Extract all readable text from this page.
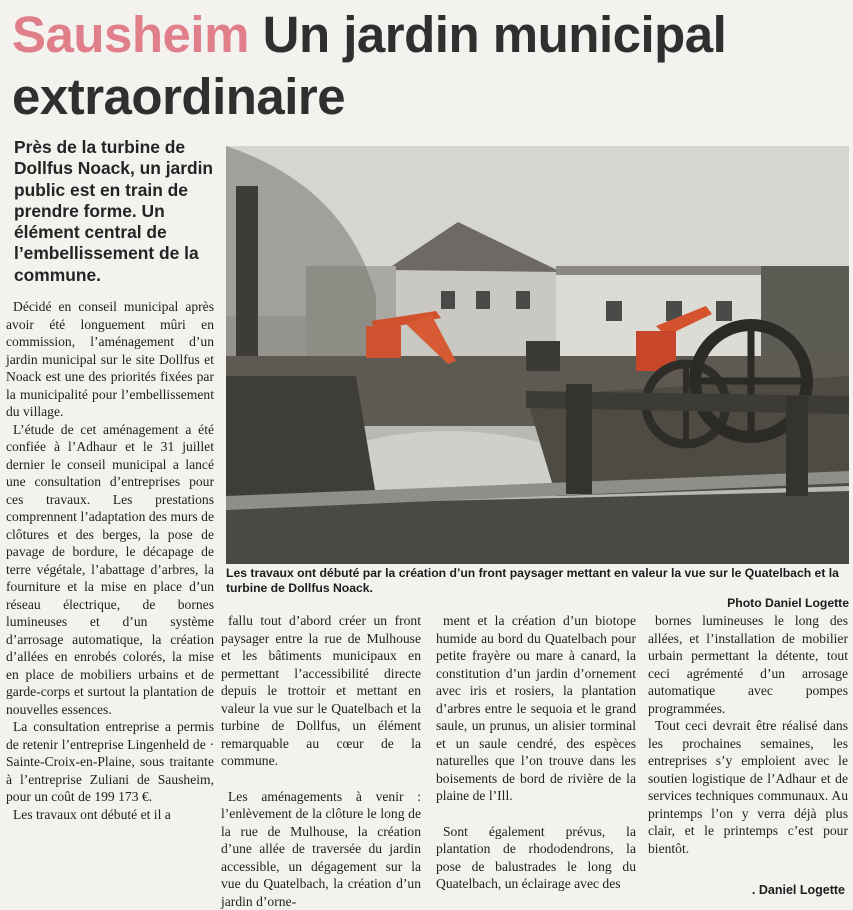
Sausheim Un jardin municipal extraordinaire
Près de la turbine de Dollfus Noack, un jardin public est en train de prendre forme. Un élément central de l’embellissement de la commune.

Décidé en conseil municipal après avoir été longuement mûri en commission, l’aménagement d’un jardin municipal sur le site Dollfus et Noack est une des priorités fixées par la municipalité pour l’embellissement du village.

L’étude de cet aménagement a été confiée à l’Adhaur et le 31 juillet dernier le conseil municipal a lancé une consultation d’entreprises pour ces travaux. Les prestations comprennent l’adaptation des murs de clôtures et des berges, la pose de pavage de bordure, le décapage de terre végétale, l’abattage d’arbres, la fourniture et la mise en place d’un réseau électrique, de bornes lumineuses et d’un système d’arrosage automatique, la création d’allées en enrobés colorés, la mise en place de mobiliers urbains et de garde-corps et surtout la plantation de nouvelles essences.

La consultation entreprise a permis de retenir l’entreprise Lingenheld de · Sainte-Croix-en-Plaine, sous traitante à l’entreprise Zuliani de Sausheim, pour un coût de 199 173 €.

Les travaux ont débuté et il a

Les travaux ont débuté par la création d’un front paysager mettant en valeur la vue sur le Quatelbach et la turbine de Dollfus Noack.
Photo Daniel Logette

fallu tout d’abord créer un front paysager entre la rue de Mulhouse et les bâtiments municipaux en permettant l’accessibilité directe depuis le trottoir et mettant en valeur la vue sur le Quatelbach et la turbine de Dollfus, un élément remarquable au cœur de la commune.

Les aménagements à venir : l’enlèvement de la clôture le long de la rue de Mulhouse, la création d’une allée de traversée du jardin accessible, un dégagement sur la vue du Quatelbach, la création d’un jardin d’orne-

ment et la création d’un biotope humide au bord du Quatelbach pour petite frayère ou mare à canard, la constitution d’un jardin d’ornement avec iris et rosiers, la plantation d’arbres entre le sequoia et le grand saule, un prunus, un alisier torminal et un saule cendré, des espèces naturelles que l’on trouve dans les boisements de bord de rivière de la plaine de l’Ill.

Sont également prévus, la plantation de rhododendrons, la pose de balustrades le long du Quatelbach, un éclairage avec des

bornes lumineuses le long des allées, et l’installation de mobilier urbain permettant la détente, tout ceci agrémenté d’un arrosage automatique avec pompes programmées.

Tout ceci devrait être réalisé dans les prochaines semaines, les entreprises s’y emploient avec le soutien logistique de l’Adhaur et de services techniques communaux. Au printemps l’on y verra déjà plus clair, et le printemps c’est pour bientôt.

. Daniel Logette
